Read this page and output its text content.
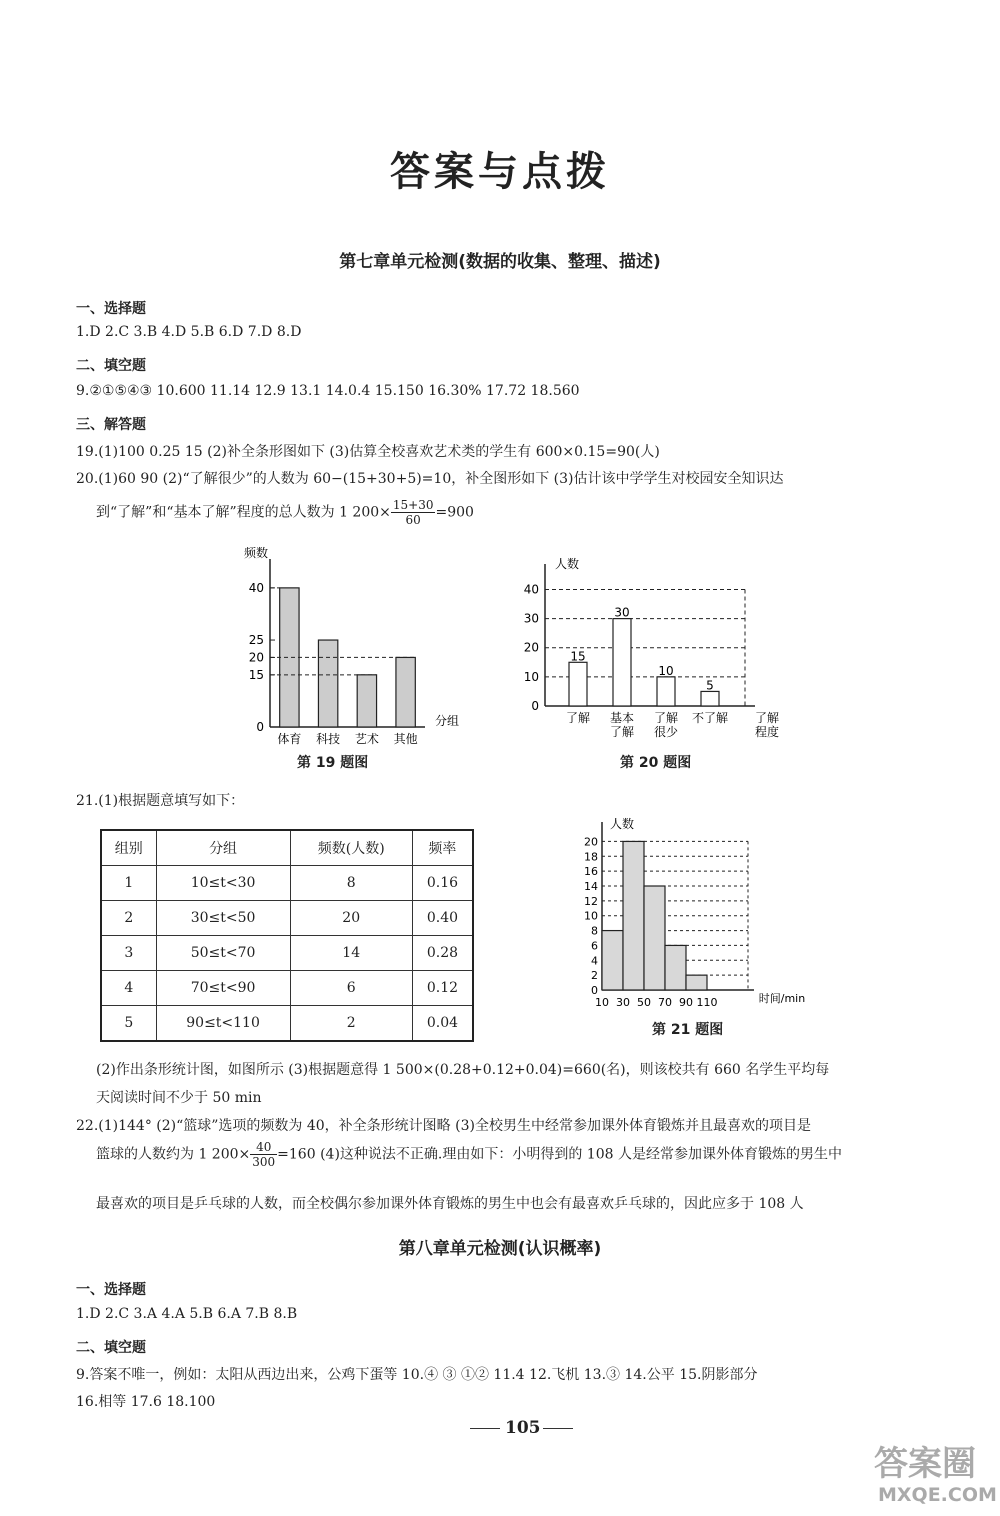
答案与点拨
第七章单元检测(数据的收集、整理、描述)
一、选择题
1.D 2.C 3.B 4.D 5.B 6.D 7.D 8.D
二、填空题
9.②①⑤④③ 10.600 11.14 12.9 13.1 14.0.4 15.150 16.30% 17.72 18.560
三、解答题
19.(1)100 0.25 15 (2)补全条形图如下 (3)估算全校喜欢艺术类的学生有 600×0.15=90(人)
20.(1)60 90 (2)“了解很少”的人数为 60−(15+30+5)=10，补全图形如下 (3)估计该中学学生对校园安全知识达
到“了解”和“基本了解”程度的总人数为 1 $200\times \frac{15+30}{60} =900$
频数
分组
0
15
20
25
40
体育 科技 艺术 其他
第 19 题图
人数
0
10
20
30
40
15
了解
30
基本
了解
10
了解
很少
5
不了解 了解
程度
第 20 题图
21.(1)根据题意填写如下：
组别	分组	频数(人数)	频率
1	10≤t<30	8	0.16
2	30≤t<50	20	0.40
3	50≤t<70	14	0.28
4	70≤t<90	6	0.12
5	90≤t<110	2	0.04
人数
时间/min
0
2
4
6
8
10
12
14
16
18
20
10 30 50 70 90 110
第 21 题图
(2)作出条形统计图，如图所示 (3)根据题意得 1 500×(0.28+0.12+0.04)=660(名)，则该校共有 660 名学生平均每
天阅读时间不少于 50 min
22.(1)144° (2)“篮球”选项的频数为 40，补全条形统计图略 (3)全校男生中经常参加课外体育锻炼并且最喜欢的项目是
篮球的人数约为 1 $200\times \frac{40}{300} =160$ (4)这种说法不正确.理由如下：小明得到的 108 人是经常参加课外体育锻炼的男生中
最喜欢的项目是乒乓球的人数，而全校偶尔参加课外体育锻炼的男生中也会有最喜欢乒乓球的，因此应多于 108 人
第八章单元检测(认识概率)
一、选择题
1.D 2.C 3.A 4.A 5.B 6.A 7.B 8.B
二、填空题
9.答案不唯一，例如：太阳从西边出来，公鸡下蛋等 10.④ ③ ①② 11.4 12.飞机 13.③ 14.公平 15.阴影部分
16.相等 17.6 18.100
105
答案圈
MXQE.COM
